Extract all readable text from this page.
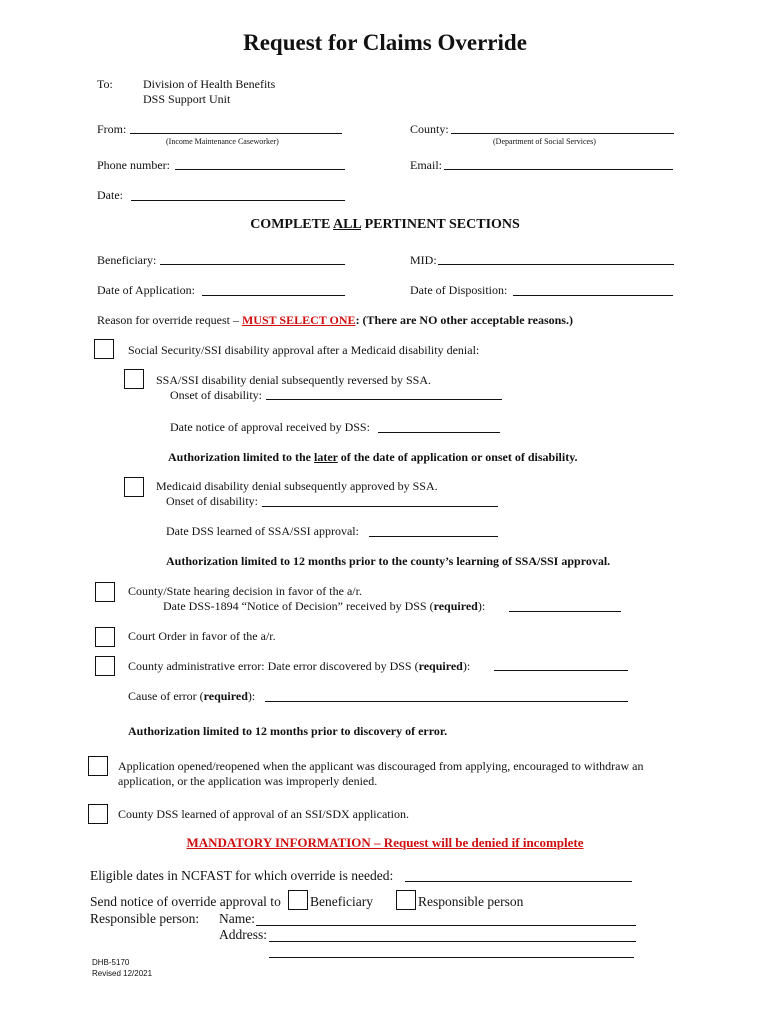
Request for Claims Override
To:	Division of Health Benefits
DSS Support Unit
From:
(Income Maintenance Caseworker)
County:
(Department of Social Services)
Phone number:	Email:
Date:
COMPLETE ALL PERTINENT SECTIONS
Beneficiary:	MID:
Date of Application:	Date of Disposition:
Reason for override request – MUST SELECT ONE: (There are NO other acceptable reasons.)
Social Security/SSI disability approval after a Medicaid disability denial:
SSA/SSI disability denial subsequently reversed by SSA.
Onset of disability:
Date notice of approval received by DSS:
Authorization limited to the later of the date of application or onset of disability.
Medicaid disability denial subsequently approved by SSA.
Onset of disability:
Date DSS learned of SSA/SSI approval:
Authorization limited to 12 months prior to the county’s learning of SSA/SSI approval.
County/State hearing decision in favor of the a/r.
Date DSS-1894 “Notice of Decision” received by DSS (required):
Court Order in favor of the a/r.
County administrative error: Date error discovered by DSS (required):
Cause of error (required):
Authorization limited to 12 months prior to discovery of error.
Application opened/reopened when the applicant was discouraged from applying, encouraged to withdraw an
application, or the application was improperly denied.
County DSS learned of approval of an SSI/SDX application.
MANDATORY INFORMATION – Request will be denied if incomplete
Eligible dates in NCFAST for which override is needed:
Send notice of override approval to Beneficiary	Responsible person
Responsible person: Name:
Address:
DHB-5170
Revised 12/2021
